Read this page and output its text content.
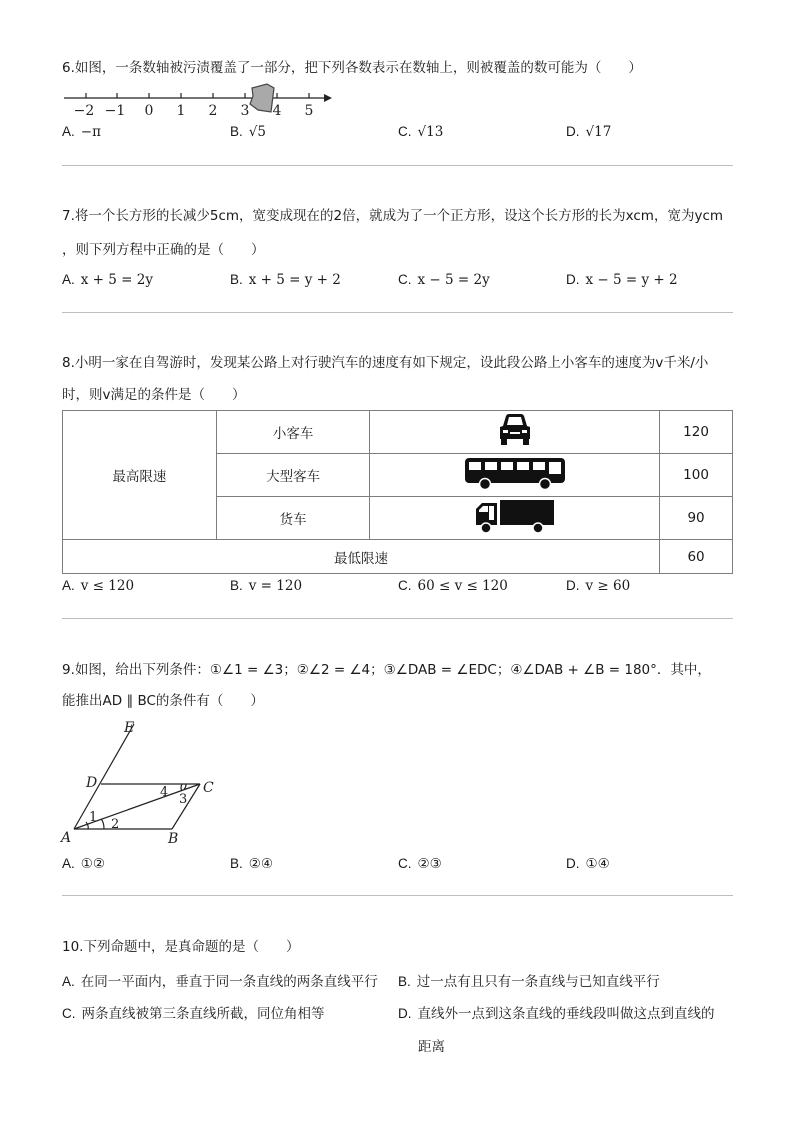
6.如图，一条数轴被污渍覆盖了一部分，把下列各数表示在数轴上，则被覆盖的数可能为（　　）
−2 −1 0 1 2 3 4 5
A. −π	B. √5	C. √13	D. √17
7.将一个长方形的长减少5cm，宽变成现在的2倍，就成为了一个正方形，设这个长方形的长为xcm，宽为ycm
，则下列方程中正确的是（　　）
A. x + 5 = 2y	B. x + 5 = y + 2	C. x − 5 = 2y	D. x − 5 = y + 2
8.小明一家在自驾游时，发现某公路上对行驶汽车的速度有如下规定，设此段公路上小客车的速度为v千米/小
时，则v满足的条件是（　　）
最高限速	小客车		120
	大型客车		100
	货车		90
最低限速			60
A. v ≤ 120	B. v = 120	C. 60 ≤ v ≤ 120	D. v ≥ 60
9.如图，给出下列条件：①∠1 = ∠3；②∠2 = ∠4；③∠DAB = ∠EDC；④∠DAB + ∠B = 180°．其中，
能推出AD ∥ BC的条件有（　　）
E
D	C
A	B
1 2
3
4
A. ①②	B. ②④	C. ②③	D. ①④
10.下列命题中，是真命题的是（　　）
A. 在同一平面内，垂直于同一条直线的两条直线平行 B. 过一点有且只有一条直线与已知直线平行
C. 两条直线被第三条直线所截，同位角相等	D. 直线外一点到这条直线的垂线段叫做这点到直线的
距离
